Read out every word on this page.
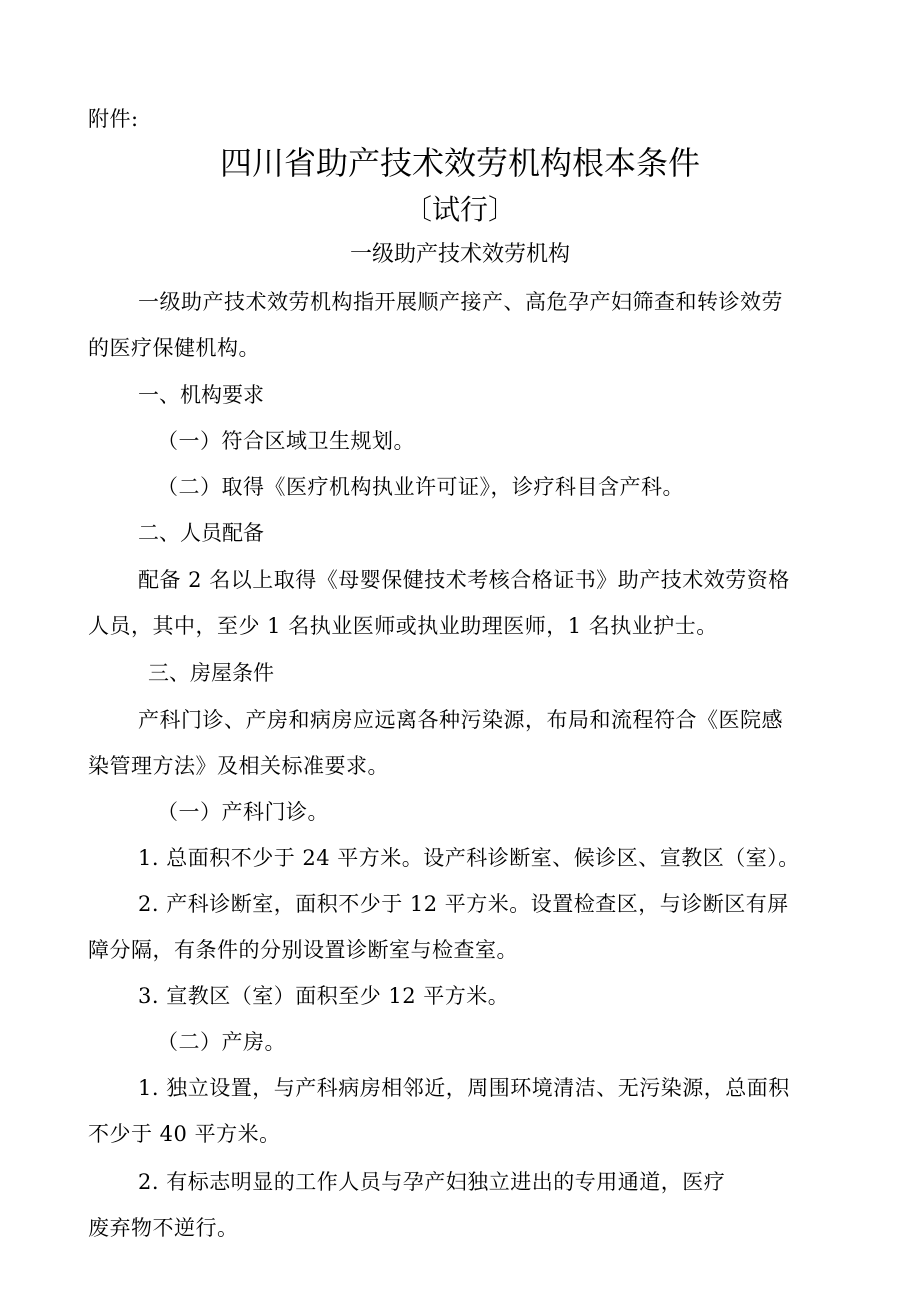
附件:
四川省助产技术效劳机构根本条件
〔试行〕
一级助产技术效劳机构
一级助产技术效劳机构指开展顺产接产、高危孕产妇筛查和转诊效劳
的医疗保健机构。
一、机构要求
（一）符合区域卫生规划。
（二）取得《医疗机构执业许可证》，诊疗科目含产科。
二、人员配备
配备 2 名以上取得《母婴保健技术考核合格证书》助产技术效劳资格
人员，其中，至少 1 名执业医师或执业助理医师，1 名执业护士。
三、房屋条件
产科门诊、产房和病房应远离各种污染源，布局和流程符合《医院感
染管理方法》及相关标准要求。
（一）产科门诊。
1. 总面积不少于 24 平方米。设产科诊断室、候诊区、宣教区（室）。
2. 产科诊断室，面积不少于 12 平方米。设置检查区，与诊断区有屏
障分隔，有条件的分别设置诊断室与检查室。
3. 宣教区（室）面积至少 12 平方米。
（二）产房。
1. 独立设置，与产科病房相邻近，周围环境清洁、无污染源，总面积
不少于 40 平方米。
2. 有标志明显的工作人员与孕产妇独立进出的专用通道，医疗
废弃物不逆行。
